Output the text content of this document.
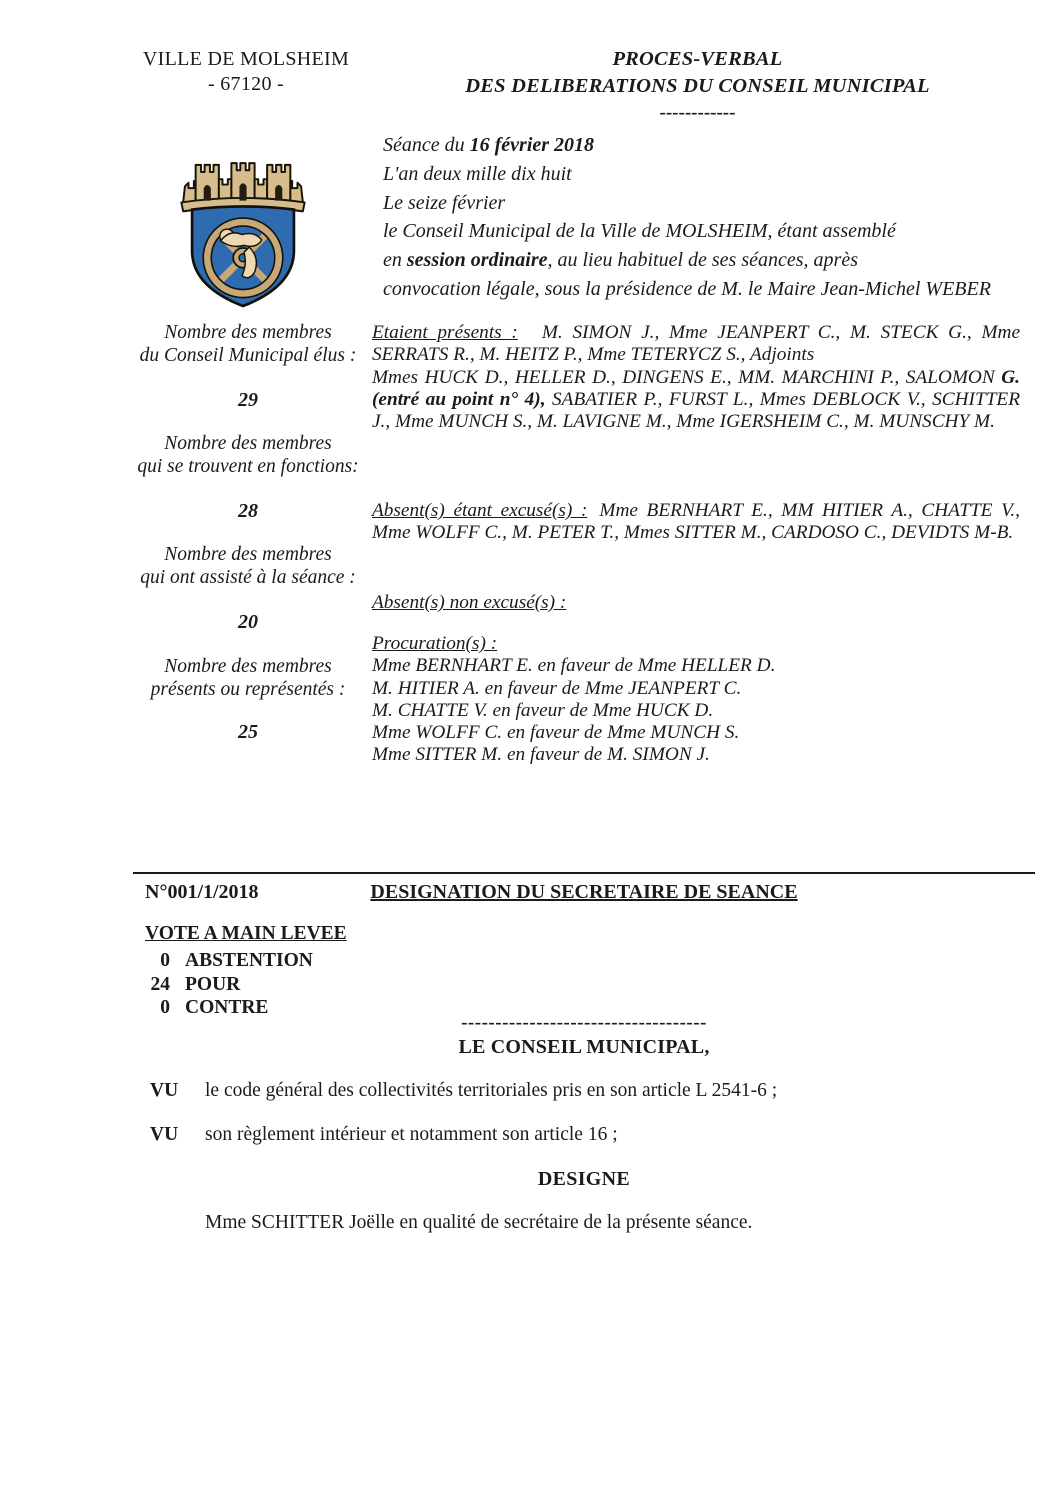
VILLE DE MOLSHEIM
- 67120 -
PROCES-VERBAL
DES DELIBERATIONS DU CONSEIL MUNICIPAL
------------
Séance du 16 février 2018
L'an deux mille dix huit
Le seize février
le Conseil Municipal de la Ville de MOLSHEIM, étant assemblé
en session ordinaire, au lieu habituel de ses séances, après
convocation légale, sous la présidence de M. le Maire Jean-Michel WEBER
Nombre des membres
du Conseil Municipal élus :
29
Nombre des membres
qui se trouvent en fonctions:
28
Nombre des membres
qui ont assisté à la séance :
20
Nombre des membres
présents ou représentés :
25
Etaient présents : M. SIMON J., Mme JEANPERT C., M. STECK G., Mme SERRATS R., M. HEITZ P., Mme TETERYCZ S., Adjoints
Mmes HUCK D., HELLER D., DINGENS E., MM. MARCHINI P., SALOMON G. (entré au point n° 4), SABATIER P., FURST L., Mmes DEBLOCK V., SCHITTER J., Mme MUNCH S., M. LAVIGNE M., Mme IGERSHEIM C., M. MUNSCHY M.
Absent(s) étant excusé(s) : Mme BERNHART E., MM HITIER A., CHATTE V., Mme WOLFF C., M. PETER T., Mmes SITTER M., CARDOSO C., DEVIDTS M-B.
Absent(s) non excusé(s) :
Procuration(s) :
Mme BERNHART E. en faveur de Mme HELLER D.
M. HITIER A. en faveur de Mme JEANPERT C.
M. CHATTE V. en faveur de Mme HUCK D.
Mme WOLFF C. en faveur de Mme MUNCH S.
Mme SITTER M. en faveur de M. SIMON J.
N°001/1/2018	DESIGNATION DU SECRETAIRE DE SEANCE
VOTE A MAIN LEVEE
0 ABSTENTION
24 POUR
0 CONTRE
------------------------------------
LE CONSEIL MUNICIPAL,
VU le code général des collectivités territoriales pris en son article L 2541-6 ;
VU son règlement intérieur et notamment son article 16 ;
DESIGNE
Mme SCHITTER Joëlle en qualité de secrétaire de la présente séance.
